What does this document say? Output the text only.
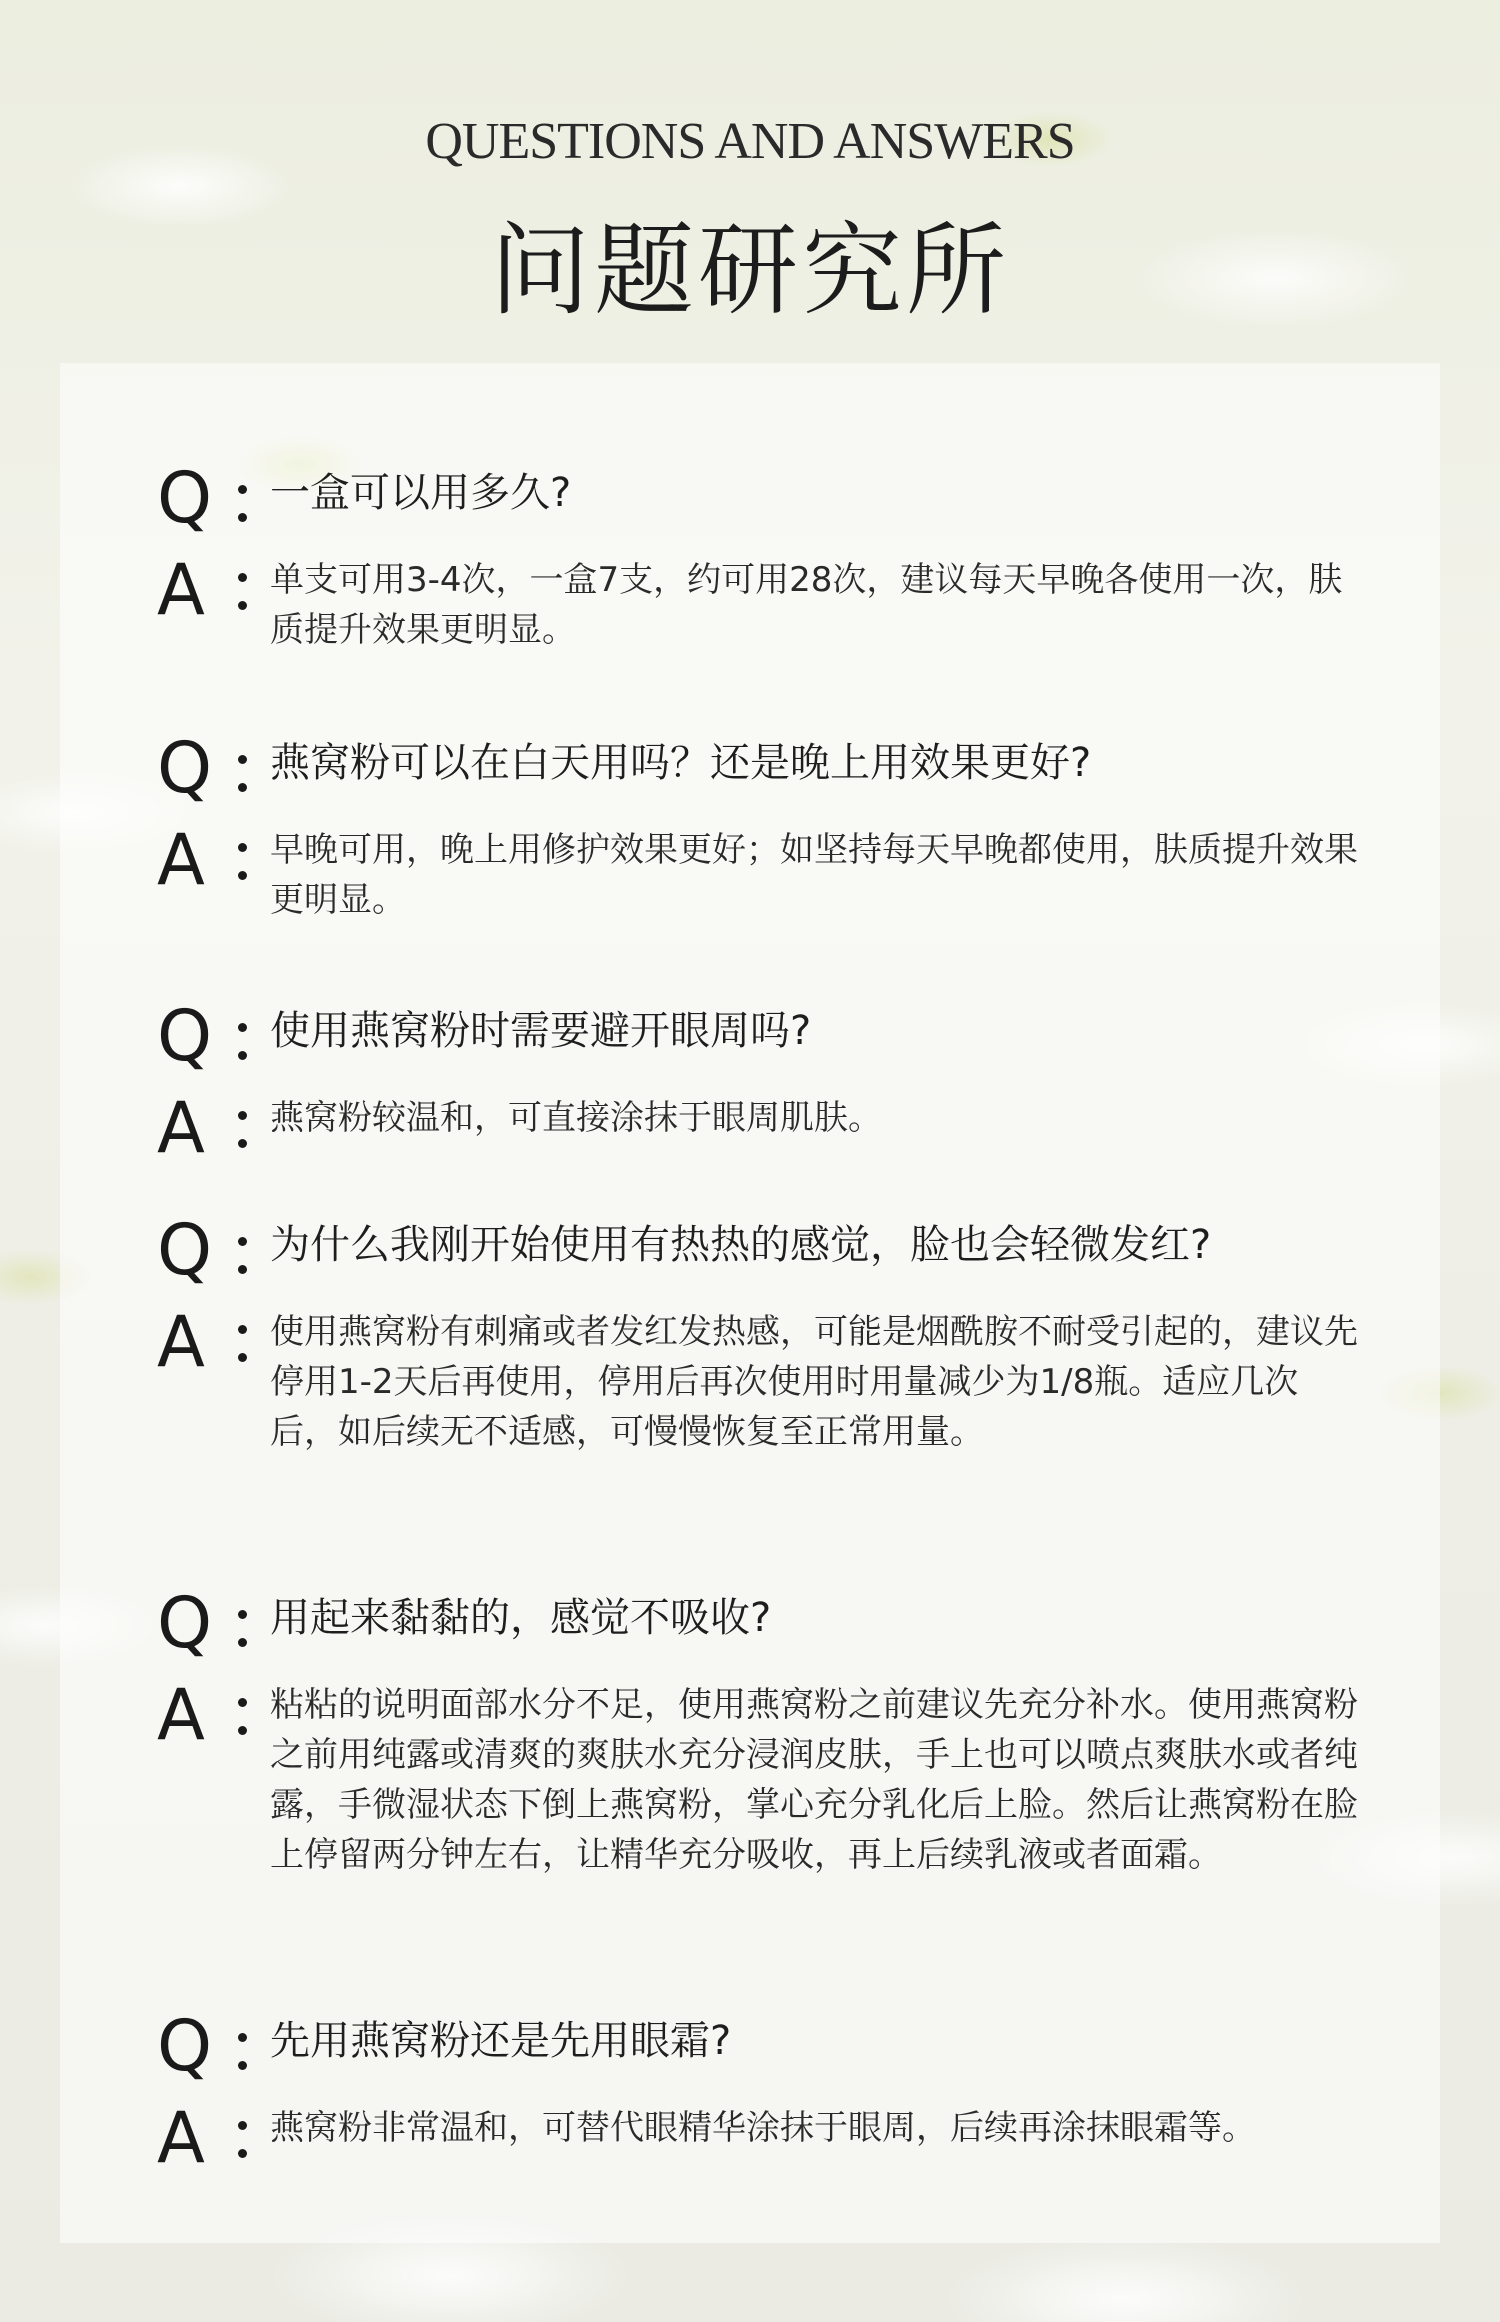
QUESTIONS AND ANSWERS
问题研究所
Q	一盒可以用多久?
A	单支可用3-4次，一盒7支，约可用28次，建议每天早晚各使用一次，肤质提升效果更明显。
Q	燕窝粉可以在白天用吗？还是晚上用效果更好?
A	早晚可用，晚上用修护效果更好；如坚持每天早晚都使用，肤质提升效果更明显。
Q	使用燕窝粉时需要避开眼周吗?
A	燕窝粉较温和，可直接涂抹于眼周肌肤。
Q	为什么我刚开始使用有热热的感觉，脸也会轻微发红?
A	使用燕窝粉有刺痛或者发红发热感，可能是烟酰胺不耐受引起的，建议先停用1-2天后再使用，停用后再次使用时用量减少为1/8瓶。适应几次后，如后续无不适感，可慢慢恢复至正常用量。
Q	用起来黏黏的，感觉不吸收?
A	粘粘的说明面部水分不足，使用燕窝粉之前建议先充分补水。使用燕窝粉之前用纯露或清爽的爽肤水充分浸润皮肤，手上也可以喷点爽肤水或者纯露，手微湿状态下倒上燕窝粉，掌心充分乳化后上脸。然后让燕窝粉在脸上停留两分钟左右，让精华充分吸收，再上后续乳液或者面霜。
Q	先用燕窝粉还是先用眼霜?
A	燕窝粉非常温和，可替代眼精华涂抹于眼周，后续再涂抹眼霜等。
